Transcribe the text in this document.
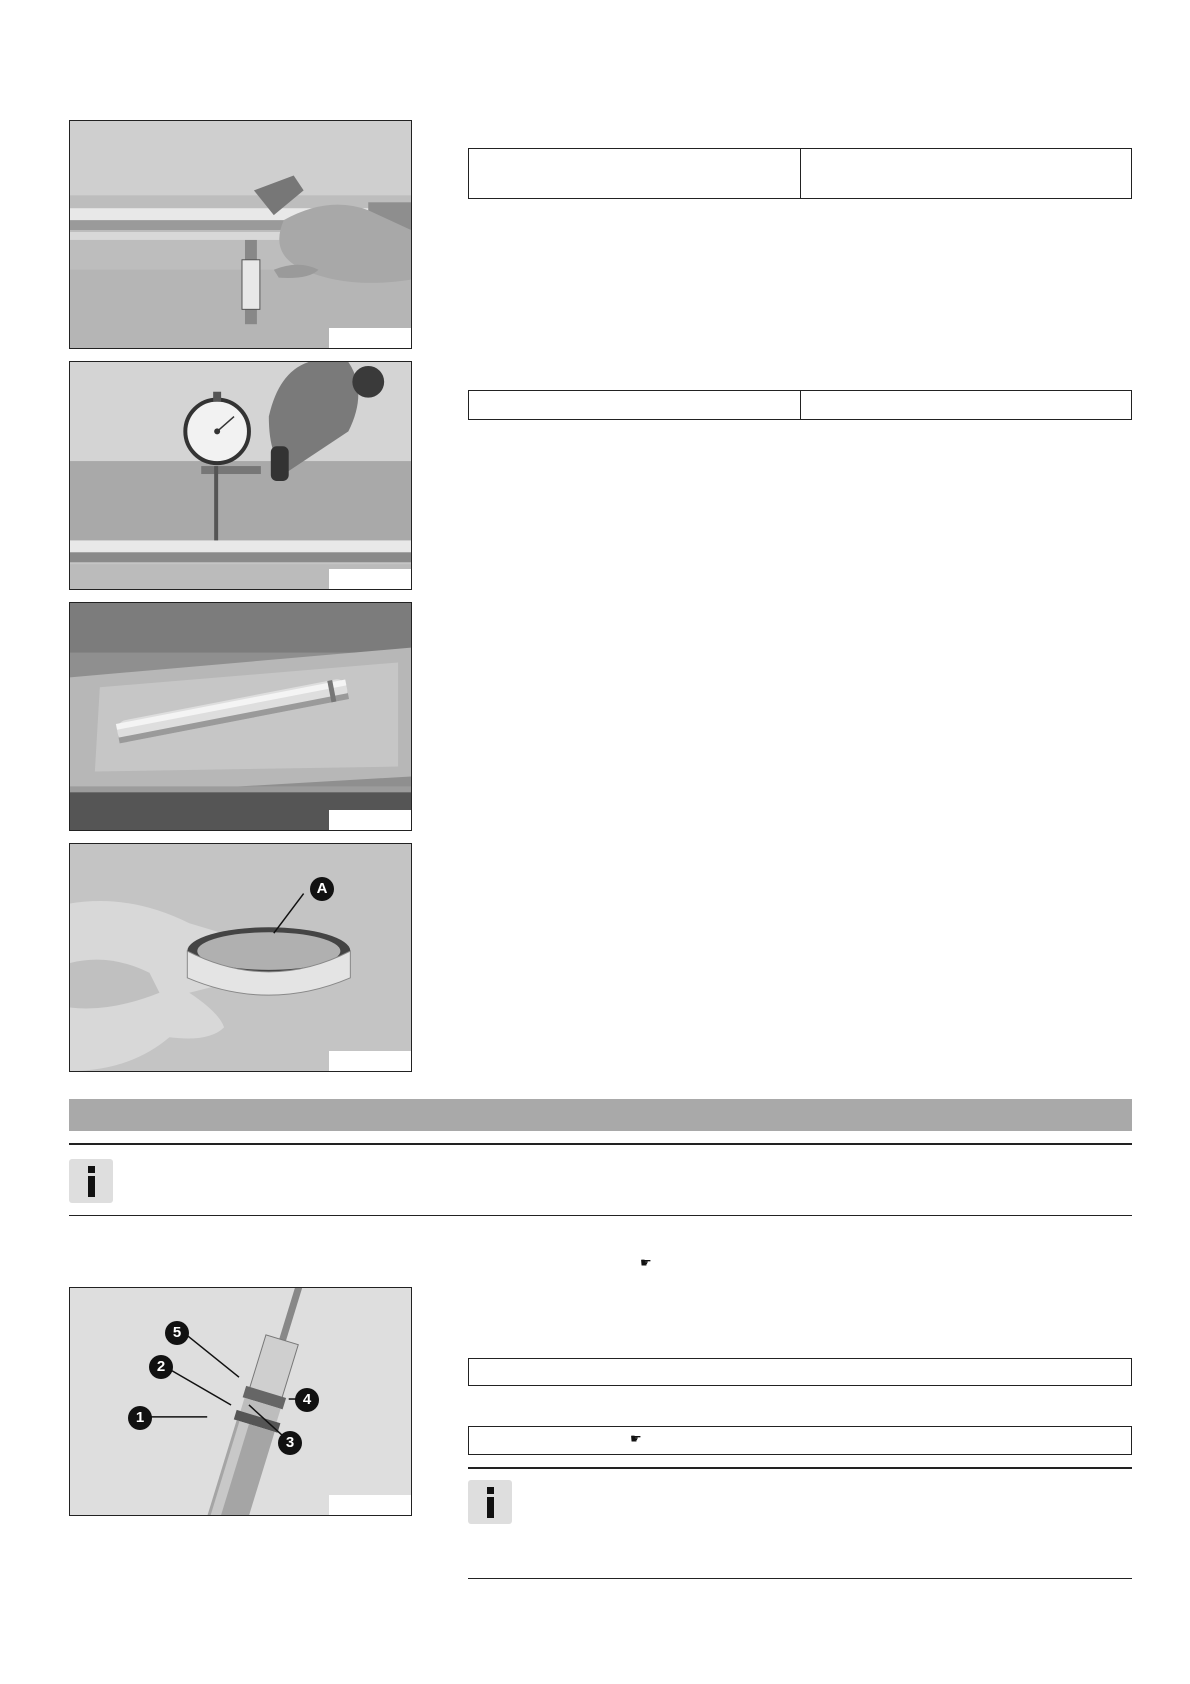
A
☛
5
2
1
4
3	☛
